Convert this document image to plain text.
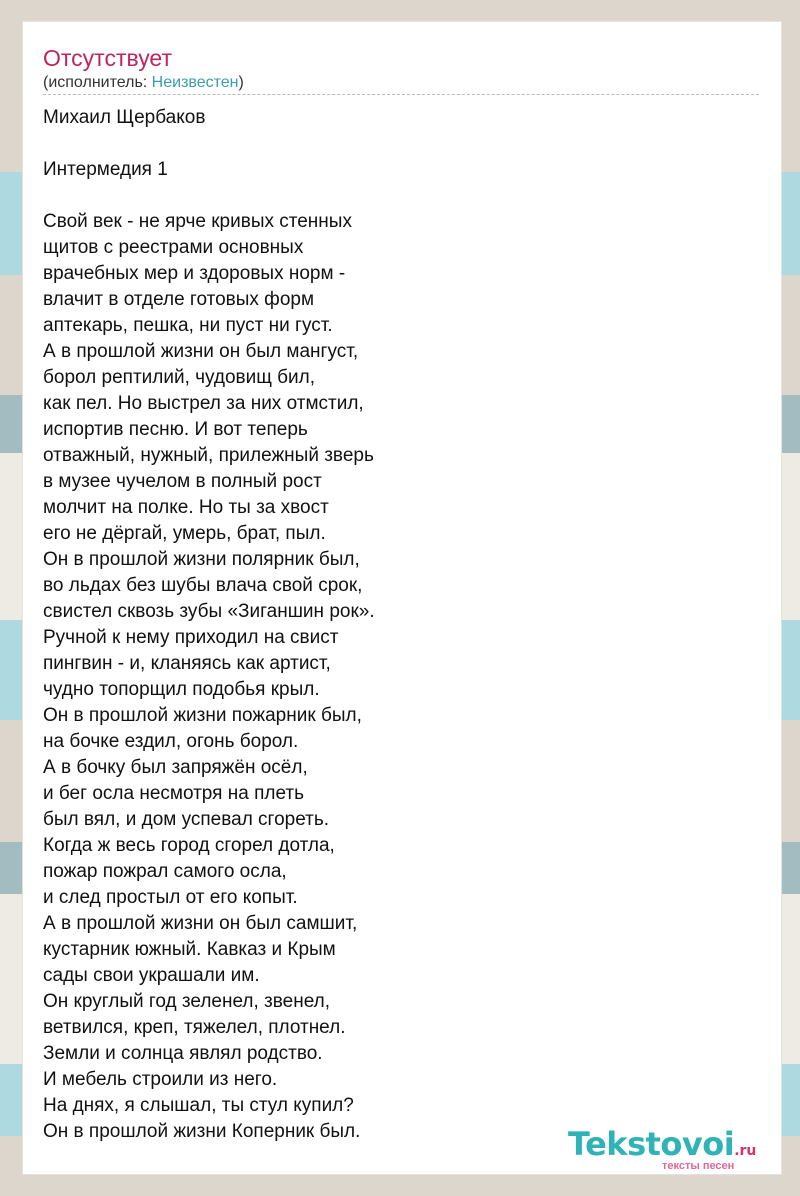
Отсутствует
(исполнитель: Неизвестен)
Михаил Щербаков
Интермедия 1
Свой век - не ярче кривых стенных
щитов с реестрами основных
врачебных мер и здоровых норм -
влачит в отделе готовых форм
аптекарь, пешка, ни пуст ни густ.
А в прошлой жизни он был мангуст,
борол рептилий, чудовищ бил,
как пел. Но выстрел за них отмстил,
испортив песню. И вот теперь
отважный, нужный, прилежный зверь
в музее чучелом в полный рост
молчит на полке. Но ты за хвост
его не дёргай, умерь, брат, пыл.
Он в прошлой жизни полярник был,
во льдах без шубы влача свой срок,
свистел сквозь зубы «Зиганшин рок».
Ручной к нему приходил на свист
пингвин - и, кланяясь как артист,
чудно топорщил подобья крыл.
Он в прошлой жизни пожарник был,
на бочке ездил, огонь борол.
А в бочку был запряжён осёл,
и бег осла несмотря на плеть
был вял, и дом успевал сгореть.
Когда ж весь город сгорел дотла,
пожар пожрал самого осла,
и след простыл от его копыт.
А в прошлой жизни он был самшит,
кустарник южный. Кавказ и Крым
сады свои украшали им.
Он круглый год зеленел, звенел,
ветвился, креп, тяжелел, плотнел.
Земли и солнца являл родство.
И мебель строили из него.
На днях, я слышал, ты стул купил?
Он в прошлой жизни Коперник был.	Tekstovoi.ru
тексты песен
